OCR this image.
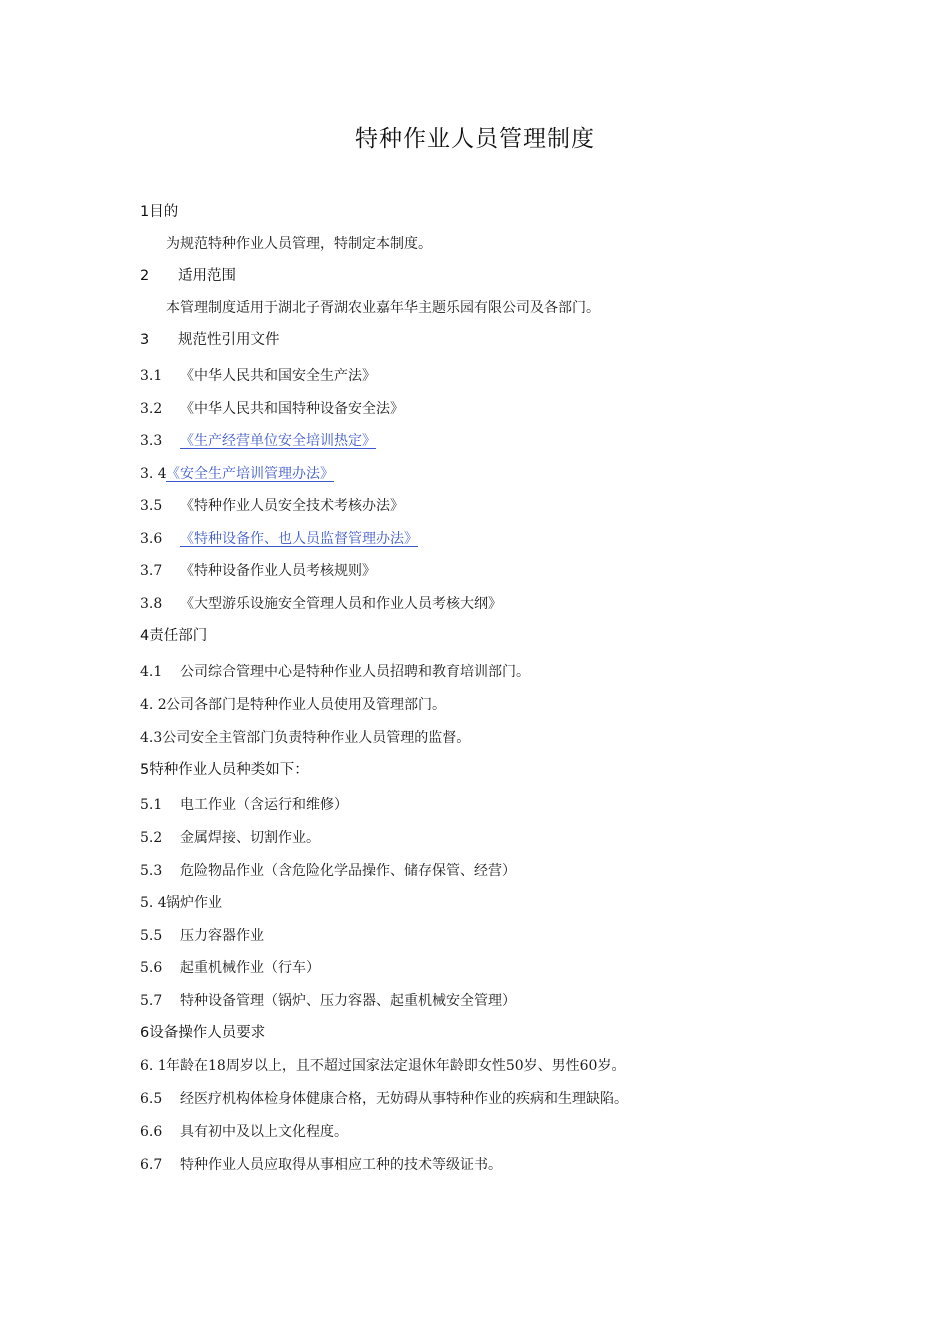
特种作业人员管理制度
1目的
为规范特种作业人员管理，特制定本制度。
2 适用范围
本管理制度适用于湖北子胥湖农业嘉年华主题乐园有限公司及各部门。
3 规范性引用文件
3.1 《中华人民共和国安全生产法》
3.2 《中华人民共和国特种设备安全法》
3.3 《生产经营单位安全培训热定》
3. 4《安全生产培训管理办法》
3.5 《特种作业人员安全技术考核办法》
3.6 《特种设备作、也人员监督管理办法》
3.7 《特种设备作业人员考核规则》
3.8 《大型游乐设施安全管理人员和作业人员考核大纲》
4责任部门
4.1 公司综合管理中心是特种作业人员招聘和教育培训部门。
4. 2公司各部门是特种作业人员使用及管理部门。
4.3公司安全主管部门负责特种作业人员管理的监督。
5特种作业人员种类如下：
5.1 电工作业（含运行和维修）
5.2 金属焊接、切割作业。
5.3 危险物品作业（含危险化学品操作、储存保管、经营）
5. 4锅炉作业
5.5 压力容器作业
5.6 起重机械作业（行车）
5.7 特种设备管理（锅炉、压力容器、起重机械安全管理）
6设备操作人员要求
6. 1年龄在18周岁以上，且不超过国家法定退休年龄即女性50岁、男性60岁。
6.5 经医疗机构体检身体健康合格，无妨碍从事特种作业的疾病和生理缺陷。
6.6 具有初中及以上文化程度。
6.7 特种作业人员应取得从事相应工种的技术等级证书。
